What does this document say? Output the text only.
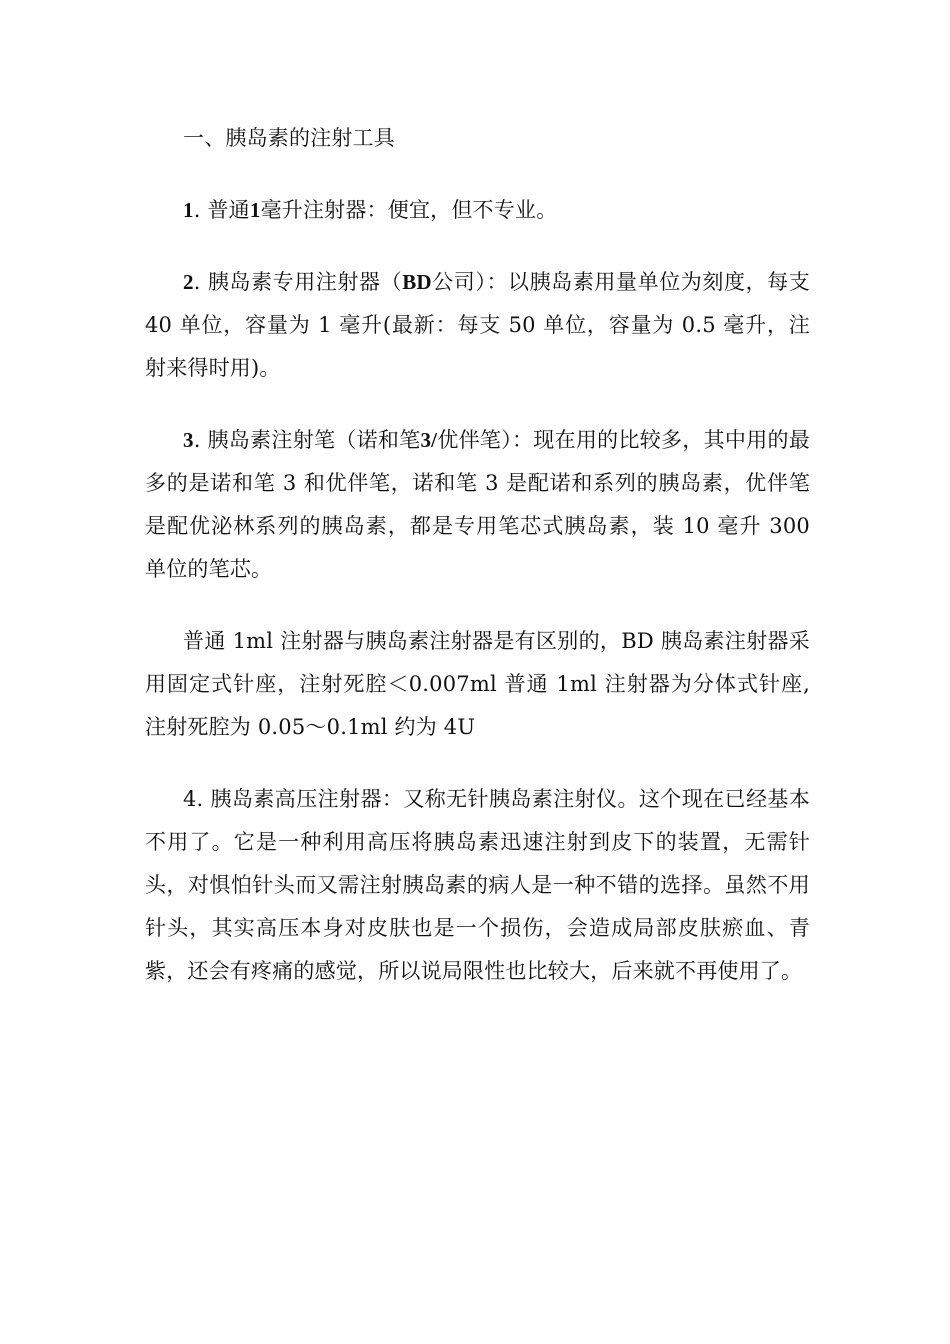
一、胰岛素的注射工具

1. 普通1毫升注射器：便宜，但不专业。

2. 胰岛素专用注射器（BD公司）：以胰岛素用量单位为刻度，每支 40 单位，容量为 1 毫升(最新：每支 50 单位，容量为 0.5 毫升，注射来得时用)。

3. 胰岛素注射笔（诺和笔3/优伴笔）：现在用的比较多，其中用的最多的是诺和笔 3 和优伴笔，诺和笔 3 是配诺和系列的胰岛素，优伴笔是配优泌林系列的胰岛素，都是专用笔芯式胰岛素，装 10 毫升 300 单位的笔芯。

普通 1ml 注射器与胰岛素注射器是有区别的，BD 胰岛素注射器采用固定式针座，注射死腔＜0.007ml 普通 1ml 注射器为分体式针座,注射死腔为 0.05～0.1ml 约为 4U

4. 胰岛素高压注射器：又称无针胰岛素注射仪。这个现在已经基本不用了。它是一种利用高压将胰岛素迅速注射到皮下的装置，无需针头，对惧怕针头而又需注射胰岛素的病人是一种不错的选择。虽然不用针头，其实高压本身对皮肤也是一个损伤，会造成局部皮肤瘀血、青紫，还会有疼痛的感觉，所以说局限性也比较大，后来就不再使用了。
